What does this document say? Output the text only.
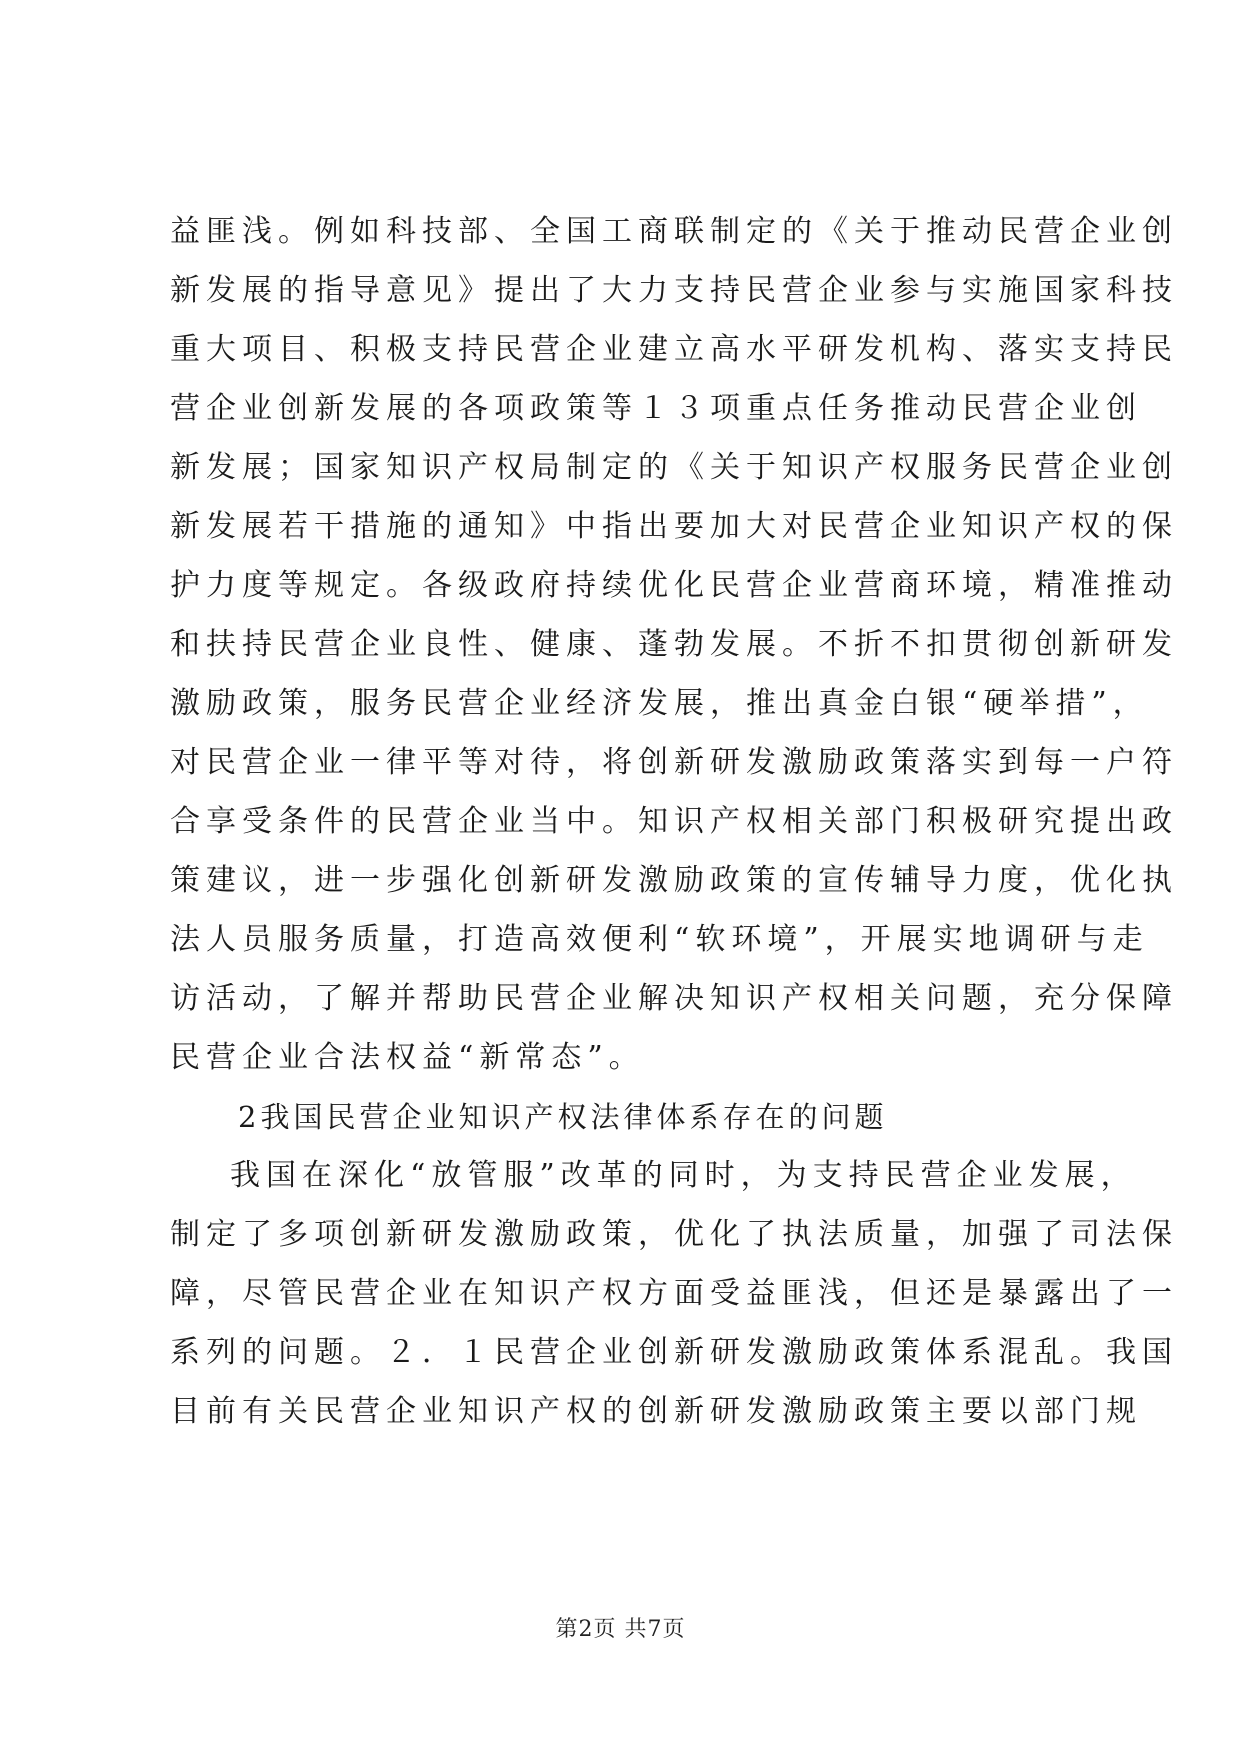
益匪浅。例如科技部、全国工商联制定的《关于推动民营企业创
新发展的指导意见》提出了大力支持民营企业参与实施国家科技
重大项目、积极支持民营企业建立高水平研发机构、落实支持民
营企业创新发展的各项政策等１３项重点任务推动民营企业创
新发展；国家知识产权局制定的《关于知识产权服务民营企业创
新发展若干措施的通知》中指出要加大对民营企业知识产权的保
护力度等规定。各级政府持续优化民营企业营商环境，精准推动
和扶持民营企业良性、健康、蓬勃发展。不折不扣贯彻创新研发
激励政策，服务民营企业经济发展，推出真金白银“硬举措”，
对民营企业一律平等对待，将创新研发激励政策落实到每一户符
合享受条件的民营企业当中。知识产权相关部门积极研究提出政
策建议，进一步强化创新研发激励政策的宣传辅导力度，优化执
法人员服务质量，打造高效便利“软环境”，开展实地调研与走
访活动，了解并帮助民营企业解决知识产权相关问题，充分保障
民营企业合法权益“新常态”。
2我国民营企业知识产权法律体系存在的问题
我国在深化“放管服”改革的同时，为支持民营企业发展，
制定了多项创新研发激励政策，优化了执法质量，加强了司法保
障，尽管民营企业在知识产权方面受益匪浅，但还是暴露出了一
系列的问题。２．１民营企业创新研发激励政策体系混乱。我国
目前有关民营企业知识产权的创新研发激励政策主要以部门规
第2页 共7页
